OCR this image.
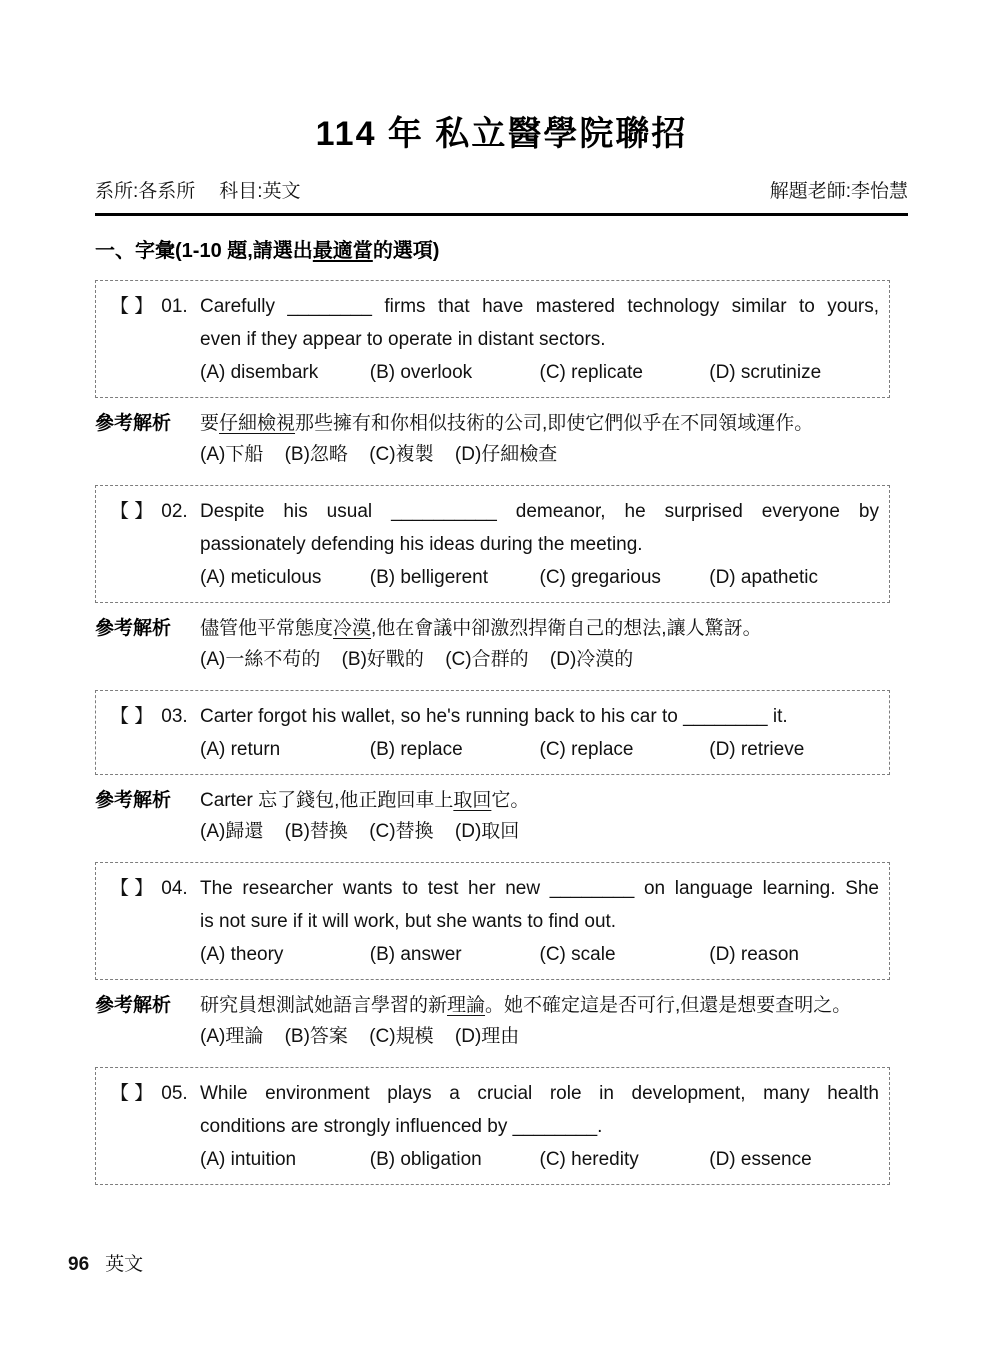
114 年 私立醫學院聯招
系所:各系所 科目:英文	解題老師:李怡慧
一、字彙(1-10 題,請選出最適當的選項)
【 】 01. Carefully ________ firms that have mastered technology similar to yours,
even if they appear to operate in distant sectors.
(A) disembark	(B) overlook	(C) replicate	(D) scrutinize
參考解析	要仔細檢視那些擁有和你相似技術的公司,即使它們似乎在不同領域運作。
(A)下船 (B)忽略 (C)複製 (D)仔細檢查
【 】 02. Despite his usual __________ demeanor, he surprised everyone by
passionately defending his ideas during the meeting.
(A) meticulous	(B) belligerent	(C) gregarious	(D) apathetic
參考解析	儘管他平常態度冷漠,他在會議中卻激烈捍衛自己的想法,讓人驚訝。
(A)一絲不苟的 (B)好戰的 (C)合群的 (D)冷漠的
【 】 03. Carter forgot his wallet, so he's running back to his car to ________ it.
(A) return	(B) replace	(C) replace	(D) retrieve
參考解析	Carter 忘了錢包,他正跑回車上取回它。
(A)歸還 (B)替換 (C)替換 (D)取回
【 】 04. The researcher wants to test her new ________ on language learning. She
is not sure if it will work, but she wants to find out.
(A) theory	(B) answer	(C) scale	(D) reason
參考解析	研究員想測試她語言學習的新理論。她不確定這是否可行,但還是想要查明之。
(A)理論 (B)答案 (C)規模 (D)理由
【 】 05. While environment plays a crucial role in development, many health
conditions are strongly influenced by ________.
(A) intuition	(B) obligation	(C) heredity	(D) essence
96 英文
